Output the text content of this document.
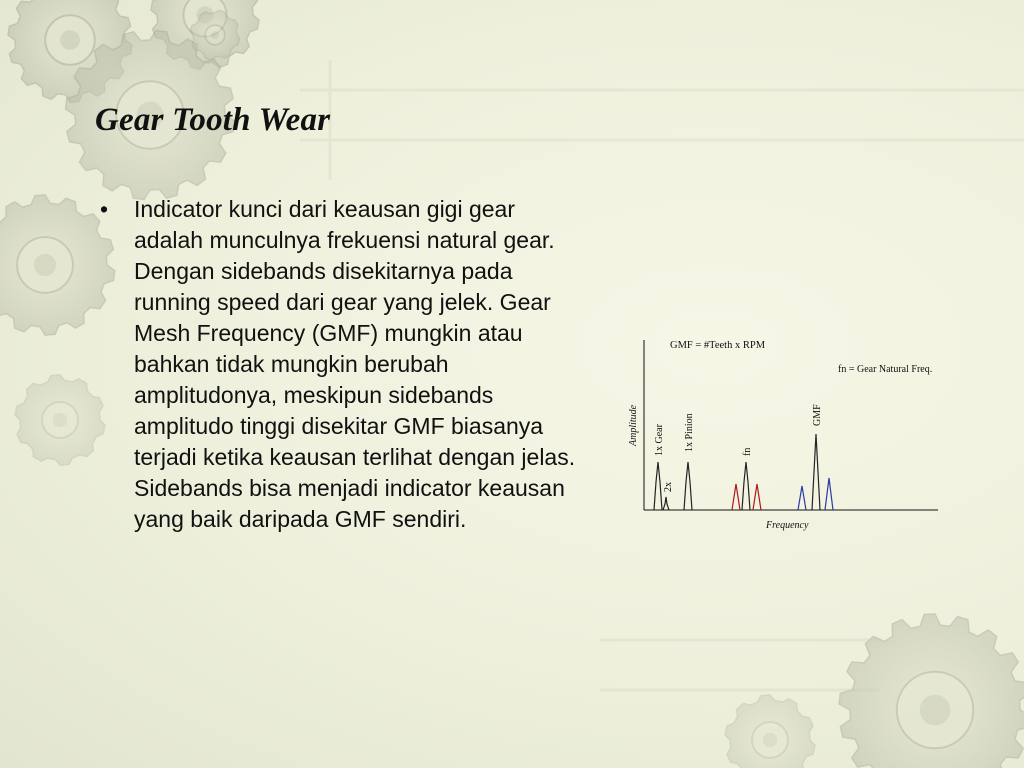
Gear Tooth Wear
• Indicator kunci dari keausan gigi gear adalah munculnya frekuensi natural gear. Dengan sidebands disekitarnya pada running speed dari gear yang jelek. Gear Mesh Frequency (GMF) mungkin atau bahkan tidak mungkin berubah amplitudonya, meskipun sidebands amplitudo tinggi disekitar GMF biasanya terjadi ketika keausan terlihat dengan jelas. Sidebands bisa menjadi indicator keausan yang baik daripada GMF sendiri.

GMF = #Teeth x RPM
fn = Gear Natural Freq.
Amplitude
Frequency
1x Gear
2x
1x Pinion	fn
GMF
